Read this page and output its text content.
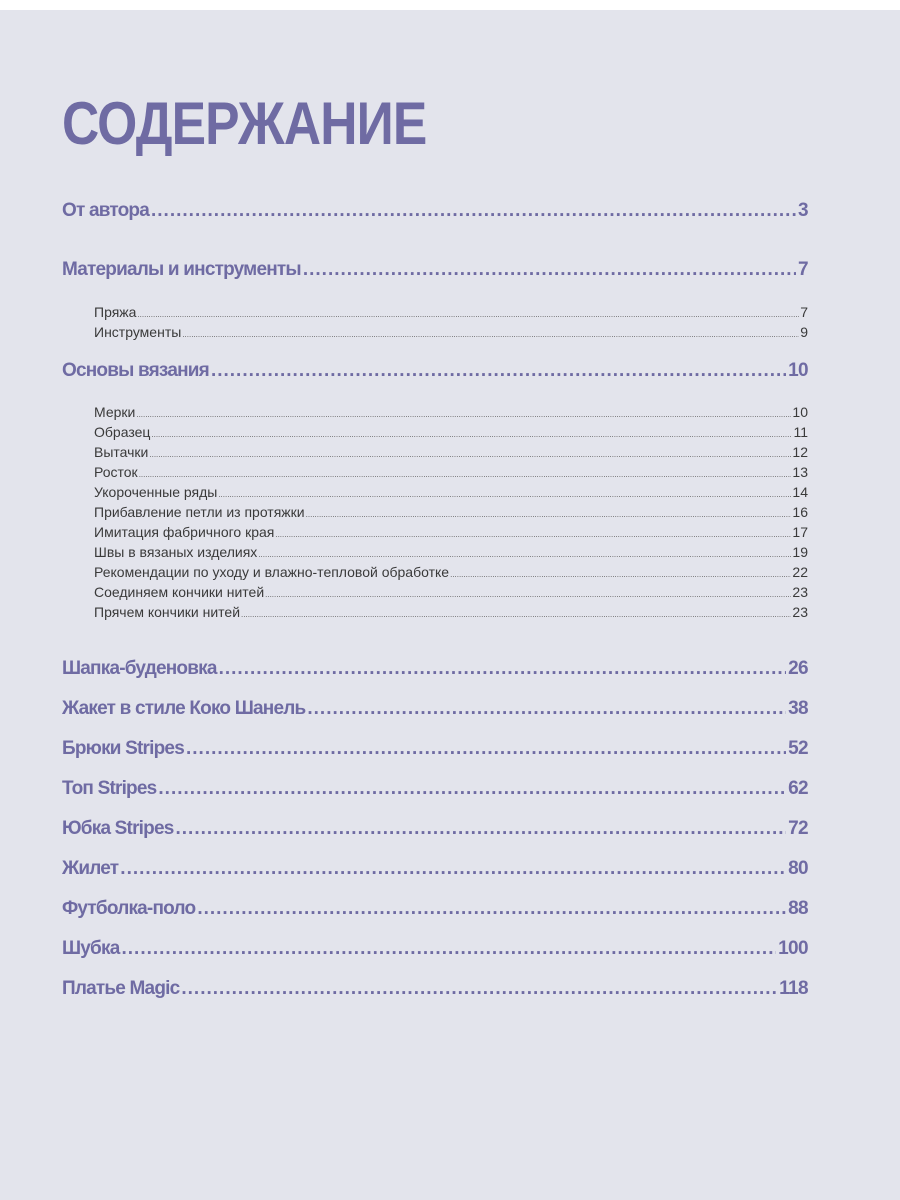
СОДЕРЖАНИЕ
От автора .....	3
Материалы и инструменты .....	7
Пряжа .....	7
Инструменты .....	9
Основы вязания .....	10
Мерки .....	10
Образец .....	11
Вытачки .....	12
Росток .....	13
Укороченные ряды .....	14
Прибавление петли из протяжки .....	16
Имитация фабричного края .....	17
Швы в вязаных изделиях .....	19
Рекомендации по уходу и влажно-тепловой обработке .....	22
Соединяем кончики нитей .....	23
Прячем кончики нитей .....	23
Шапка-буденовка .....	26
Жакет в стиле Коко Шанель .....	38
Брюки Stripes .....	52
Топ Stripes .....	62
Юбка Stripes .....	72
Жилет .....	80
Футболка-поло .....	88
Шубка .....	100
Платье Magic .....	118
